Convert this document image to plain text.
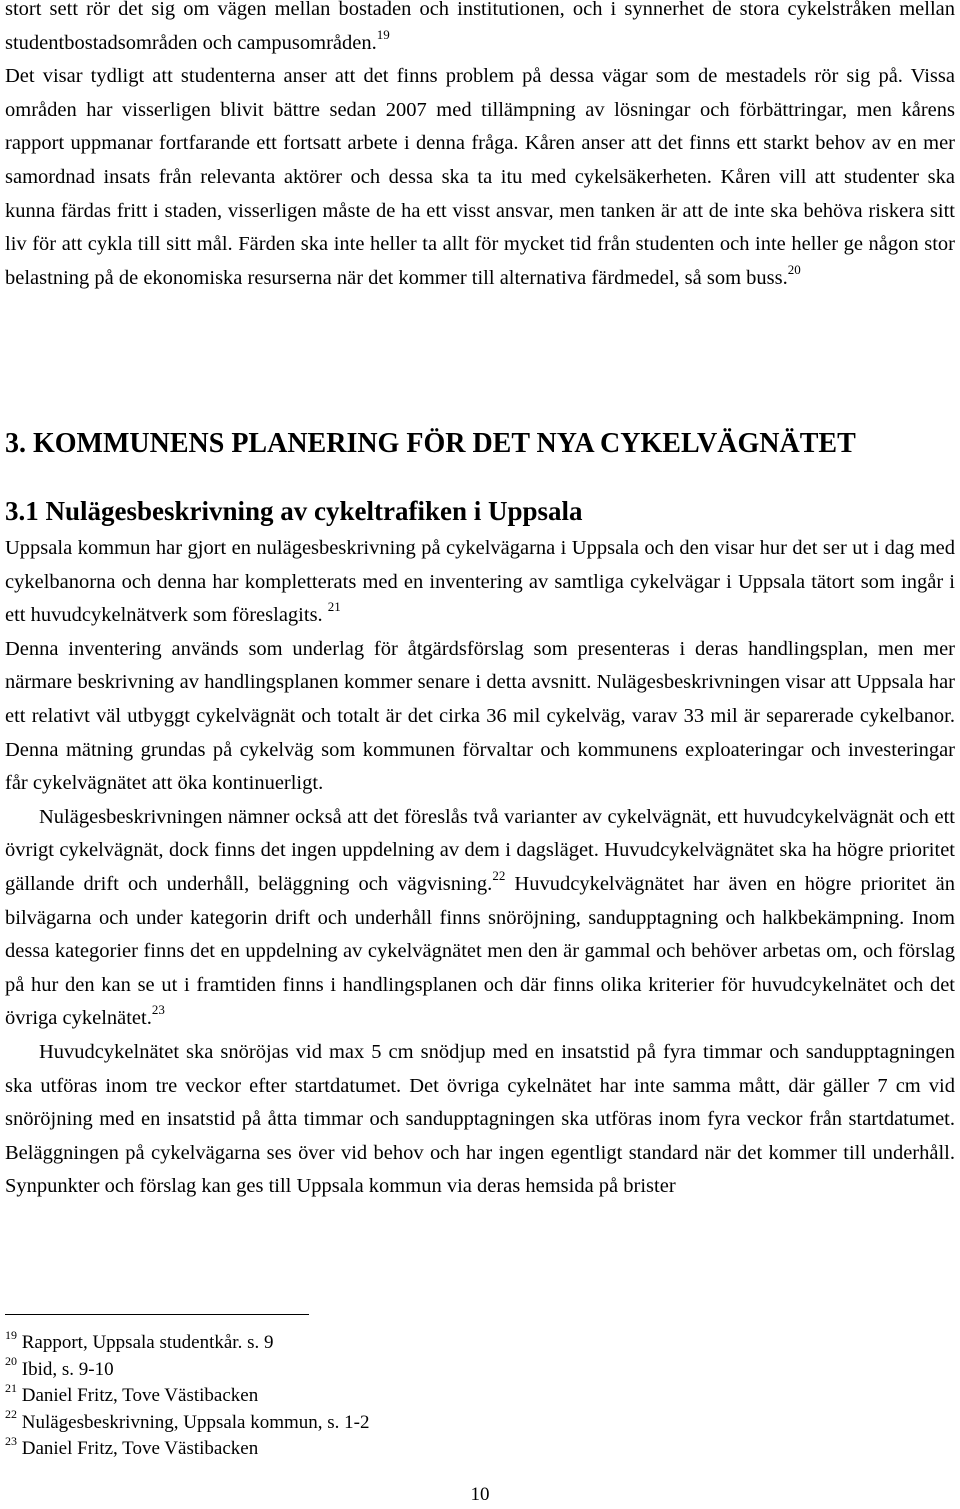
stort sett rör det sig om vägen mellan bostaden och institutionen, och i synnerhet de stora cykelstråken mellan studentbostadsområden och campusområden.$^{19}$
Det visar tydligt att studenterna anser att det finns problem på dessa vägar som de mestadels rör sig på. Vissa områden har visserligen blivit bättre sedan 2007 med tillämpning av lösningar och förbättringar, men kårens rapport uppmanar fortfarande ett fortsatt arbete i denna fråga. Kåren anser att det finns ett starkt behov av en mer samordnad insats från relevanta aktörer och dessa ska ta itu med cykelsäkerheten. Kåren vill att studenter ska kunna färdas fritt i staden, visserligen måste de ha ett visst ansvar, men tanken är att de inte ska behöva riskera sitt liv för att cykla till sitt mål. Färden ska inte heller ta allt för mycket tid från studenten och inte heller ge någon stor belastning på de ekonomiska resurserna när det kommer till alternativa färdmedel, så som buss.$^{20}$

3. KOMMUNENS PLANERING FÖR DET NYA CYKELVÄGNÄTET
3.1 Nulägesbeskrivning av cykeltrafiken i Uppsala

Uppsala kommun har gjort en nulägesbeskrivning på cykelvägarna i Uppsala och den visar hur det ser ut i dag med cykelbanorna och denna har kompletterats med en inventering av samtliga cykelvägar i Uppsala tätort som ingår i ett huvudcykelnätverk som föreslagits. $^{21}$
Denna inventering används som underlag för åtgärdsförslag som presenteras i deras handlingsplan, men mer närmare beskrivning av handlingsplanen kommer senare i detta avsnitt. Nulägesbeskrivningen visar att Uppsala har ett relativt väl utbyggt cykelvägnät och totalt är det cirka 36 mil cykelväg, varav 33 mil är separerade cykelbanor. Denna mätning grundas på cykelväg som kommunen förvaltar och kommunens exploateringar och investeringar får cykelvägnätet att öka kontinuerligt.

Nulägesbeskrivningen nämner också att det föreslås två varianter av cykelvägnät, ett huvudcykelvägnät och ett övrigt cykelvägnät, dock finns det ingen uppdelning av dem i dagsläget. Huvudcykelvägnätet ska ha högre prioritet gällande drift och underhåll, beläggning och vägvisning.$^{22}$ Huvudcykelvägnätet har även en högre prioritet än bilvägarna och under kategorin drift och underhåll finns snöröjning, sandupptagning och halkbekämpning. Inom dessa kategorier finns det en uppdelning av cykelvägnätet men den är gammal och behöver arbetas om, och förslag på hur den kan se ut i framtiden finns i handlingsplanen och där finns olika kriterier för huvudcykelnätet och det övriga cykelnätet.$^{23}$

Huvudcykelnätet ska snöröjas vid max 5 cm snödjup med en insatstid på fyra timmar och sandupptagningen ska utföras inom tre veckor efter startdatumet. Det övriga cykelnätet har inte samma mått, där gäller 7 cm vid snöröjning med en insatstid på åtta timmar och sandupptagningen ska utföras inom fyra veckor från startdatumet. Beläggningen på cykelvägarna ses över vid behov och har ingen egentligt standard när det kommer till underhåll. Synpunkter och förslag kan ges till Uppsala kommun via deras hemsida på brister

$^{19}$ Rapport, Uppsala studentkår. s. 9

$^{20}$ Ibid, s. 9-10

$^{21}$ Daniel Fritz, Tove Västibacken

$^{22}$ Nulägesbeskrivning, Uppsala kommun, s. 1-2

$^{23}$ Daniel Fritz, Tove Västibacken

10
